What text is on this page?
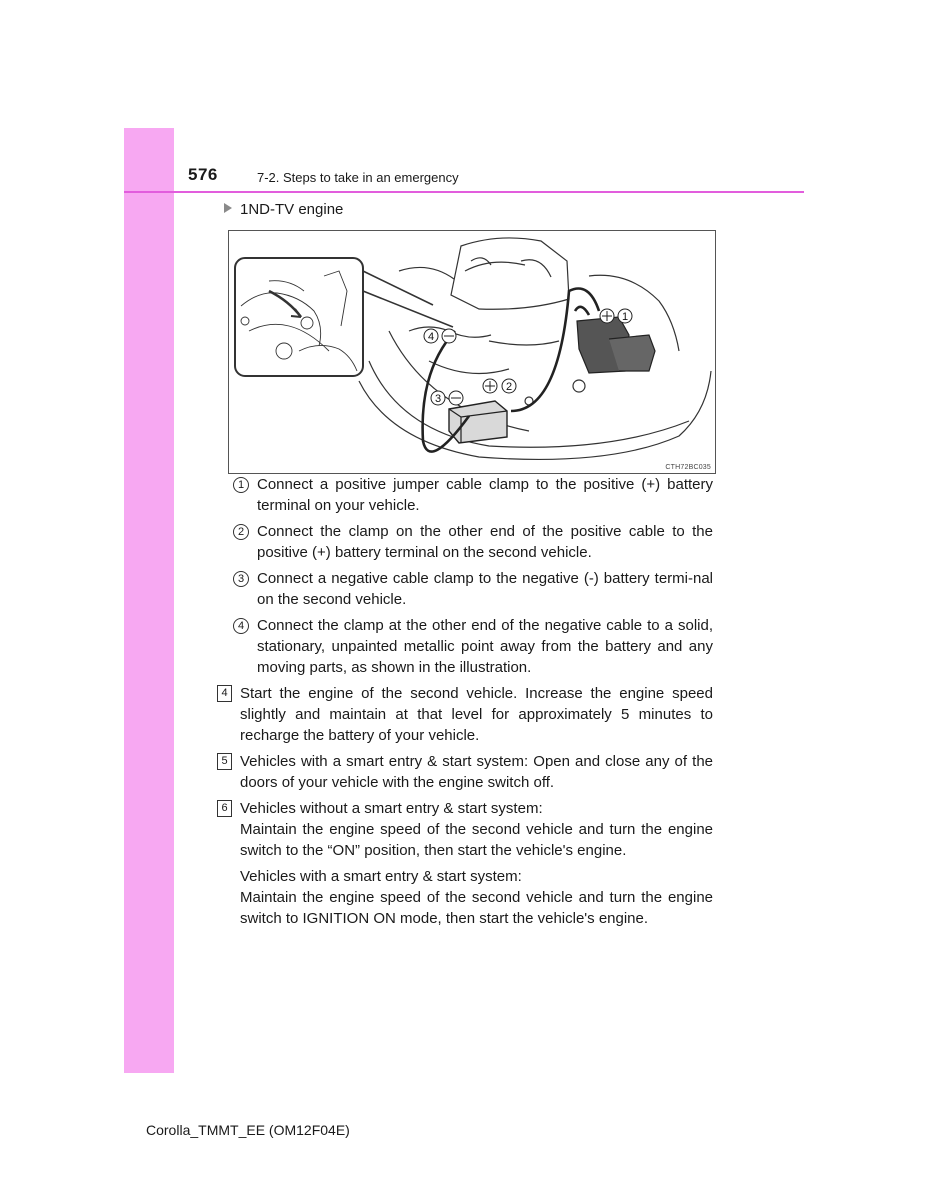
576	7-2. Steps to take in an emergency
1ND-TV engine
1
2
3
4
CTH72BC035
1 Connect a positive jumper cable clamp to the positive (+) battery terminal on your vehicle.
2 Connect the clamp on the other end of the positive cable to the positive (+) battery terminal on the second vehicle.
3 Connect a negative cable clamp to the negative (-) battery termi-nal on the second vehicle.
4 Connect the clamp at the other end of the negative cable to a solid, stationary, unpainted metallic point away from the battery and any moving parts, as shown in the illustration.
4 Start the engine of the second vehicle. Increase the engine speed slightly and maintain at that level for approximately 5 minutes to recharge the battery of your vehicle.
5 Vehicles with a smart entry & start system: Open and close any of the doors of your vehicle with the engine switch off.
6 Vehicles without a smart entry & start system:
Maintain the engine speed of the second vehicle and turn the engine switch to the “ON” position, then start the vehicle's engine.
Vehicles with a smart entry & start system:
Maintain the engine speed of the second vehicle and turn the engine switch to IGNITION ON mode, then start the vehicle's engine.
Corolla_TMMT_EE (OM12F04E)
